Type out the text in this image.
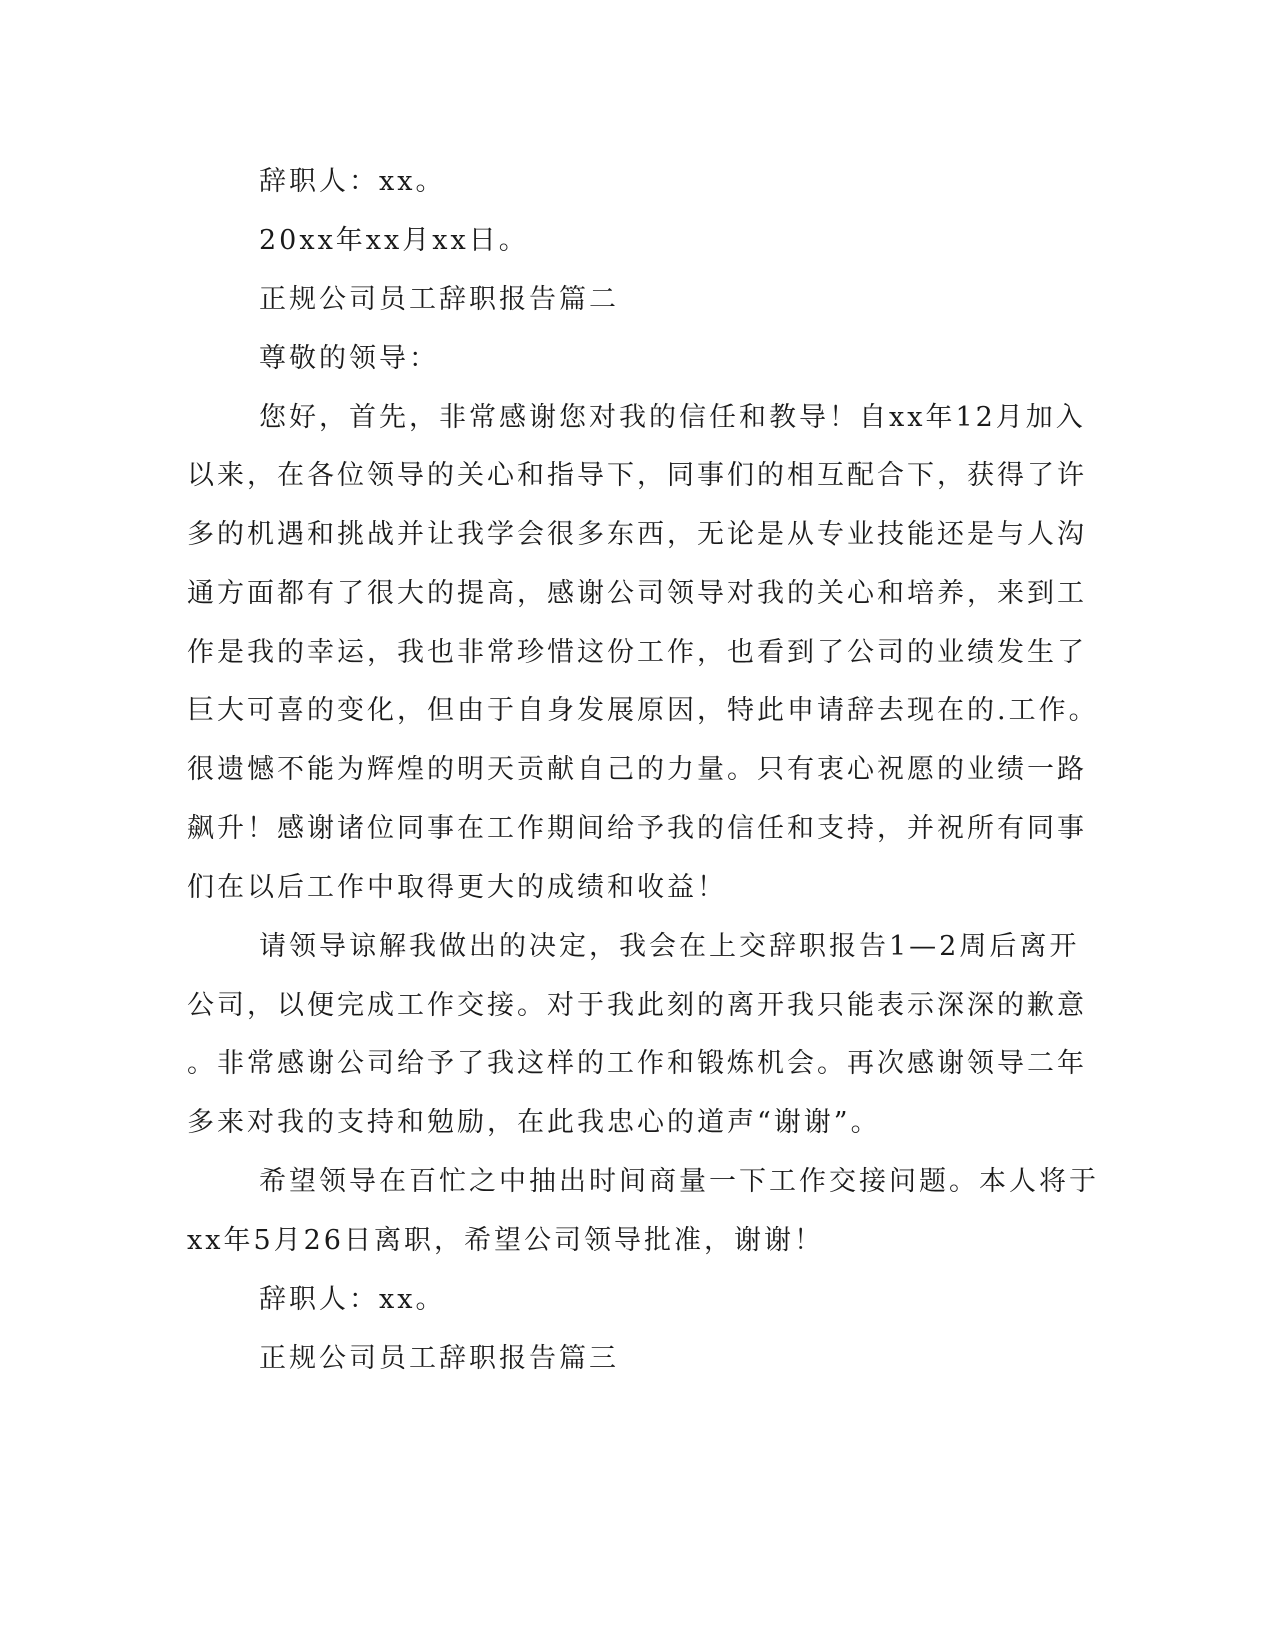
辞职人：xx。
20xx年xx月xx日。
正规公司员工辞职报告篇二
尊敬的领导：
您好，首先，非常感谢您对我的信任和教导！自xx年12月加入
以来，在各位领导的关心和指导下，同事们的相互配合下，获得了许
多的机遇和挑战并让我学会很多东西，无论是从专业技能还是与人沟
通方面都有了很大的提高，感谢公司领导对我的关心和培养，来到工
作是我的幸运，我也非常珍惜这份工作，也看到了公司的业绩发生了
巨大可喜的变化，但由于自身发展原因，特此申请辞去现在的.工作。
很遗憾不能为辉煌的明天贡献自己的力量。只有衷心祝愿的业绩一路
飙升！感谢诸位同事在工作期间给予我的信任和支持，并祝所有同事
们在以后工作中取得更大的成绩和收益！
请领导谅解我做出的决定，我会在上交辞职报告1—2周后离开
公司，以便完成工作交接。对于我此刻的离开我只能表示深深的歉意
。非常感谢公司给予了我这样的工作和锻炼机会。再次感谢领导二年
多来对我的支持和勉励，在此我忠心的道声“谢谢”。
希望领导在百忙之中抽出时间商量一下工作交接问题。本人将于
xx年5月26日离职，希望公司领导批准，谢谢！
辞职人：xx。
正规公司员工辞职报告篇三
